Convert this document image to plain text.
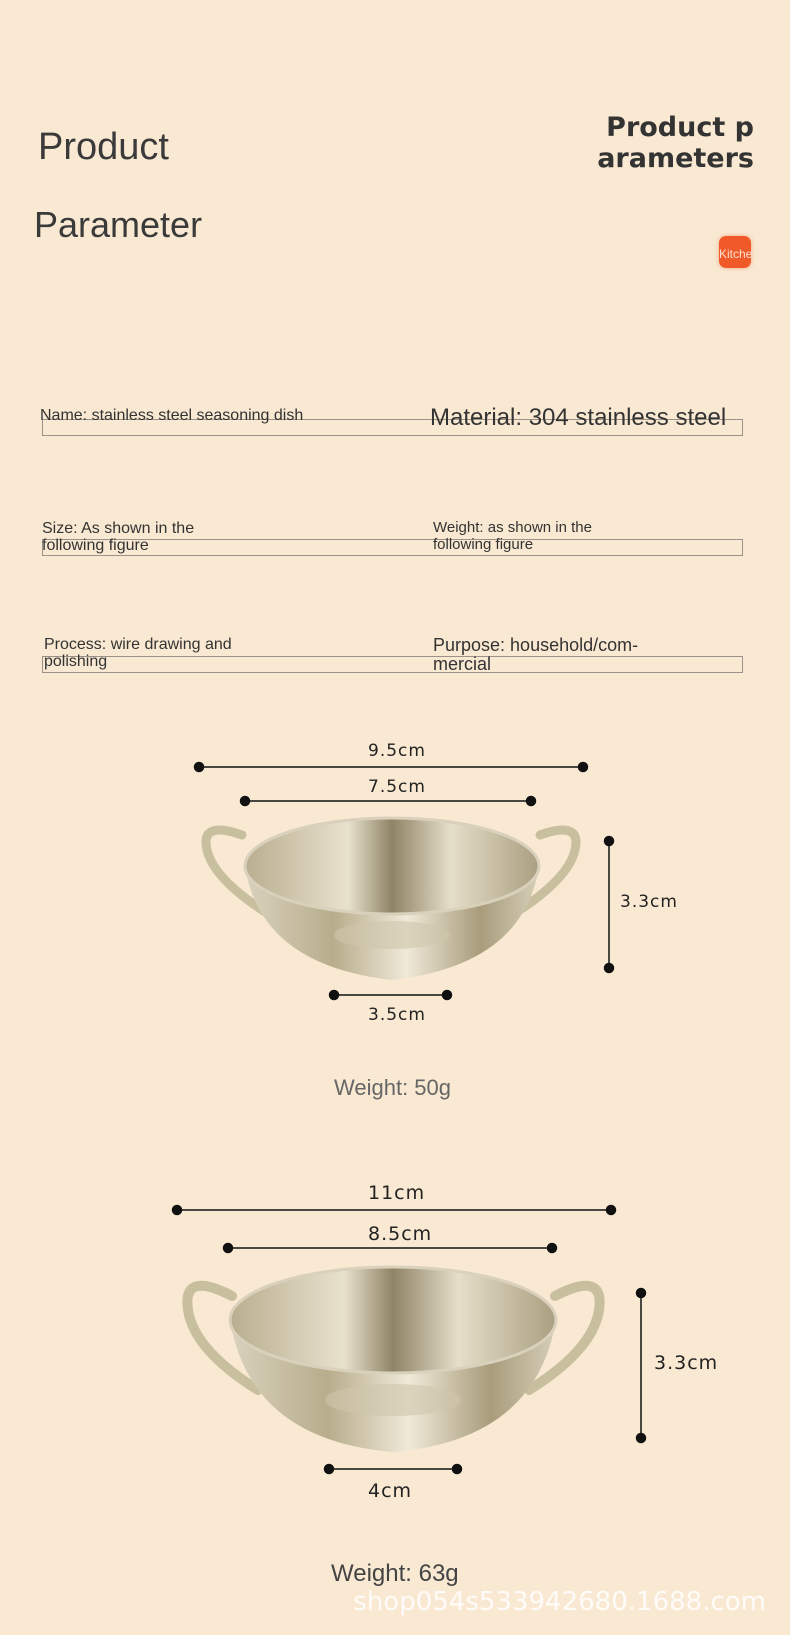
Product
Parameter
Product p arameters
Kitchen
Name: stainless steel seasoning dish	Material: 304 stainless steel
Size: As shown in the following figure
Weight: as shown in the following figure
Process: wire drawing and polishing
Purpose: household/com-mercial
9.5cm
7.5cm
3.3cm
3.5cm
Weight: 50g
11cm
8.5cm
3.3cm
4cm
Weight: 63g
shop054s533942680.1688.com
